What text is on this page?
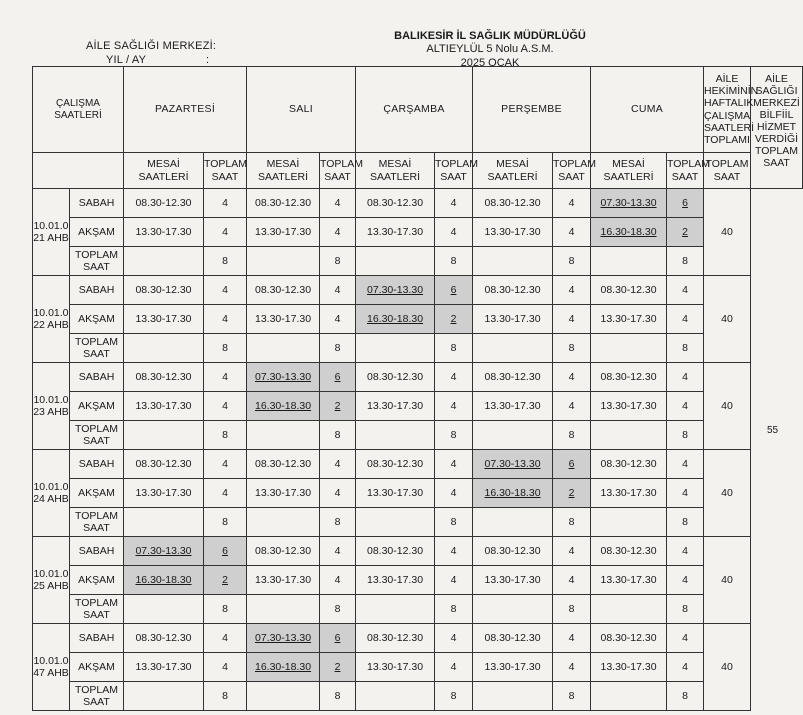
BALIKESİR İL SAĞLIK MÜDÜRLÜĞÜ
ALTIEYLÜL 5 Nolu A.S.M.
2025 OCAK
AİLE SAĞLIĞI MERKEZİ:
YIL / AY	:
ÇALIŞMA SAATLERİ		PAZARTESİ		SALI		ÇARŞAMBA		PERŞEMBE		CUMA		AİLE HEKİMİNİN HAFTALIK ÇALIŞMA SAATLERİ TOPLAMI	AİLE SAĞLIĞI MERKEZİ BİLFİİL HİZMET VERDİĞİ TOPLAM SAAT
		MESAİ SAATLERİ	TOPLAM SAAT	MESAİ SAATLERİ	TOPLAM SAAT	MESAİ SAATLERİ	TOPLAM SAAT	MESAİ SAATLERİ	TOPLAM SAAT	MESAİ SAATLERİ	TOPLAM SAAT	TOPLAM SAAT	
10.01.0 21 AHB	SABAH	08.30-12.30	4	08.30-12.30	4	08.30-12.30	4	08.30-12.30	4	07.30-13.30	6	40	
	AKŞAM	13.30-17.30	4	13.30-17.30	4	13.30-17.30	4	13.30-17.30	4	16.30-18.30	2		
	TOPLAM SAAT		8		8		8		8		8		
10.01.0 22 AHB	SABAH	08.30-12.30	4	08.30-12.30	4	07.30-13.30	6	08.30-12.30	4	08.30-12.30	4	40	
	AKŞAM	13.30-17.30	4	13.30-17.30	4	16.30-18.30	2	13.30-17.30	4	13.30-17.30	4		
	TOPLAM SAAT		8		8		8		8		8		
10.01.0 23 AHB	SABAH	08.30-12.30	4	07.30-13.30	6	08.30-12.30	4	08.30-12.30	4	08.30-12.30	4	40	
	AKŞAM	13.30-17.30	4	16.30-18.30	2	13.30-17.30	4	13.30-17.30	4	13.30-17.30	4		
	TOPLAM SAAT		8		8		8		8		8		
10.01.0 24 AHB	SABAH	08.30-12.30	4	08.30-12.30	4	08.30-12.30	4	07.30-13.30	6	08.30-12.30	4	40	
	AKŞAM	13.30-17.30	4	13.30-17.30	4	13.30-17.30	4	16.30-18.30	2	13.30-17.30	4		
	TOPLAM SAAT		8		8		8		8		8		
10.01.0 25 AHB	SABAH	07.30-13.30	6	08.30-12.30	4	08.30-12.30	4	08.30-12.30	4	08.30-12.30	4	40	
	AKŞAM	16.30-18.30	2	13.30-17.30	4	13.30-17.30	4	13.30-17.30	4	13.30-17.30	4		
	TOPLAM SAAT		8		8		8		8		8		
10.01.0 47 AHB	SABAH	08.30-12.30	4	07.30-13.30	6	08.30-12.30	4	08.30-12.30	4	08.30-12.30	4	40	
	AKŞAM	13.30-17.30	4	16.30-18.30	2	13.30-17.30	4	13.30-17.30	4	13.30-17.30	4		
	TOPLAM SAAT		8		8		8		8		8		
55
